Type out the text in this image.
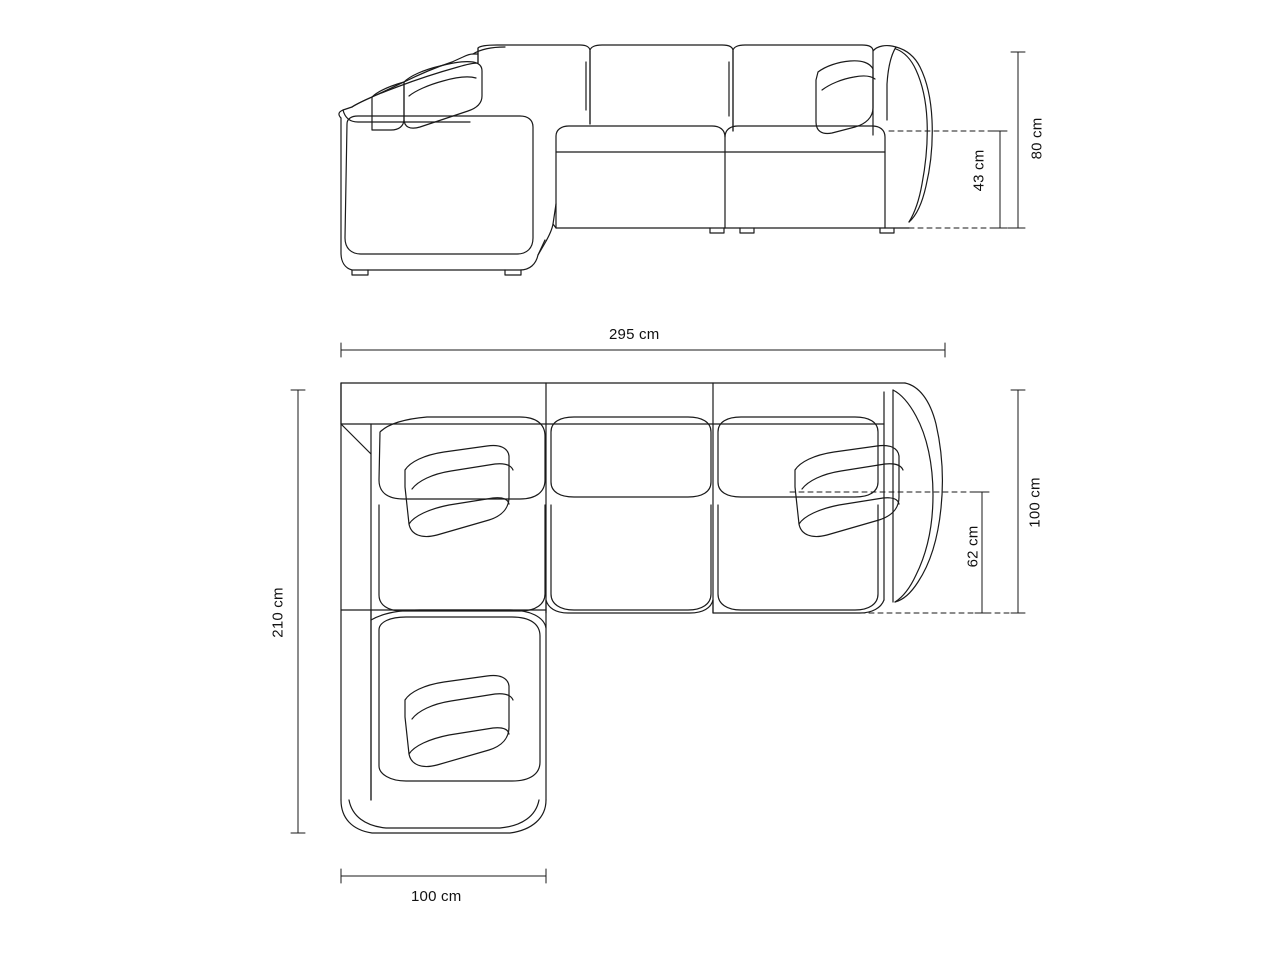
80 cm
43 cm
295 cm
210 cm
100 cm
62 cm
100 cm
